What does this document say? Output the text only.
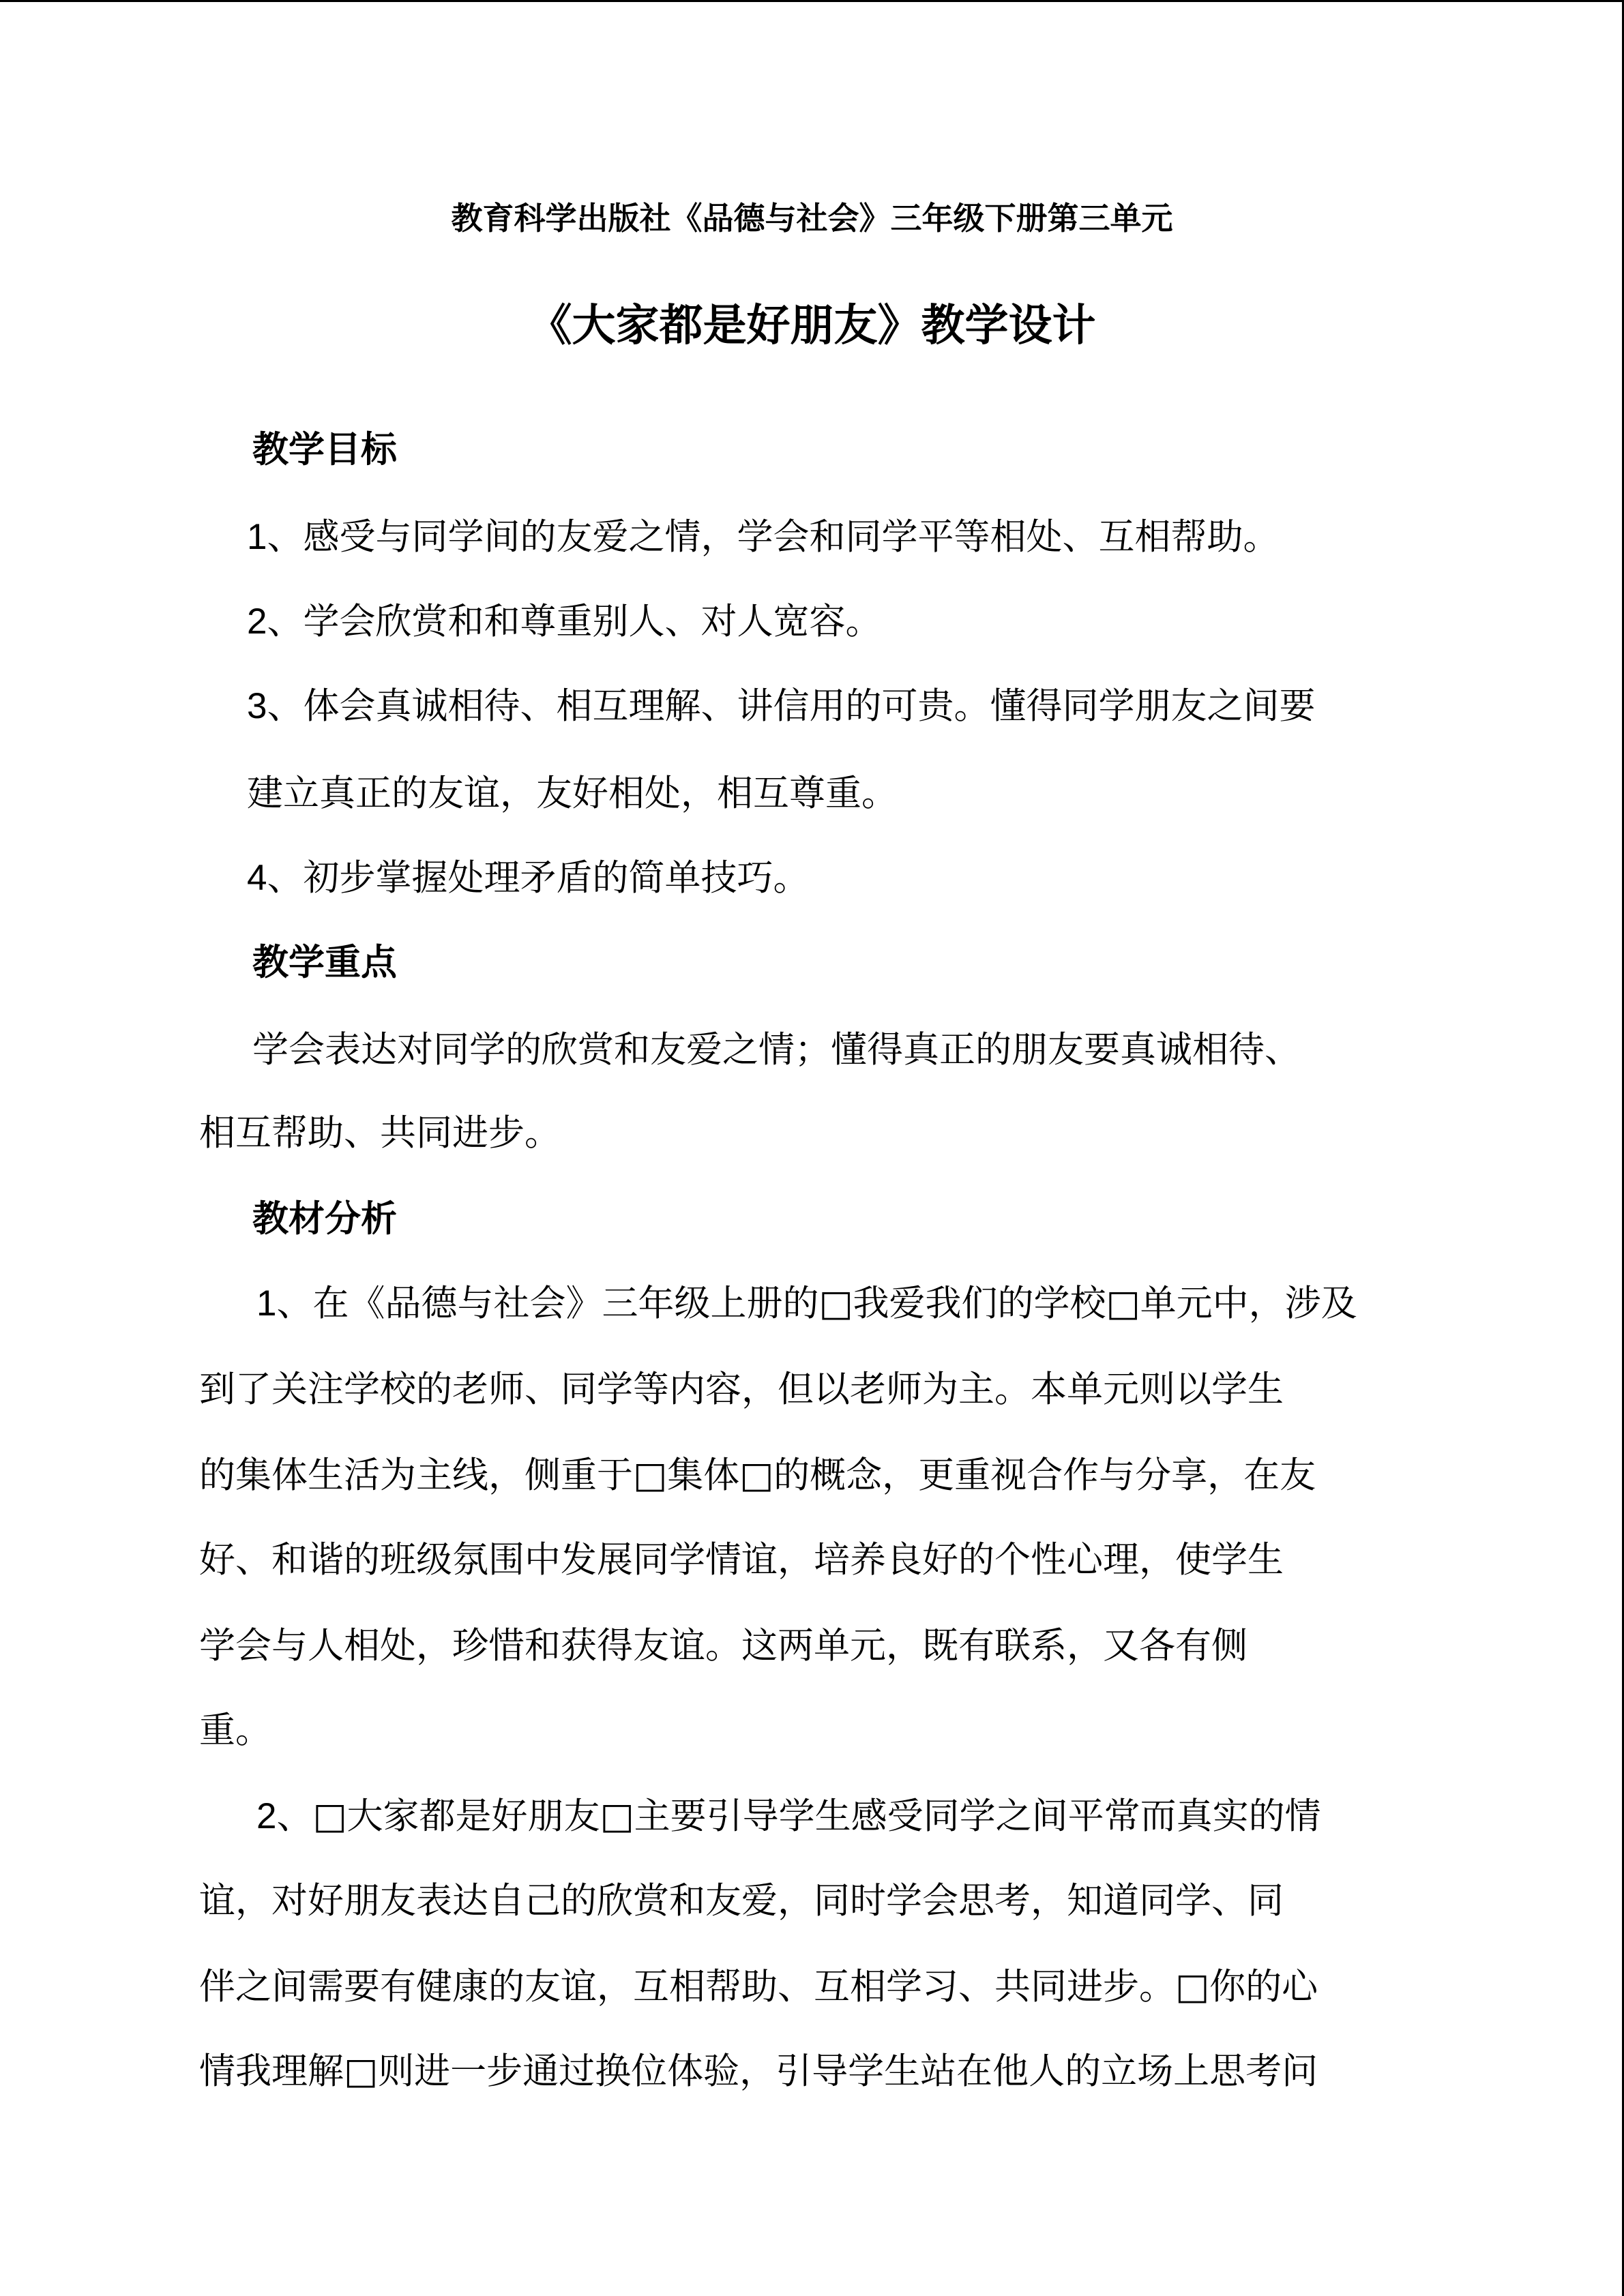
教育科学出版社《品德与社会》三年级下册第三单元
《大家都是好朋友》教学设计
教学目标
1、感受与同学间的友爱之情，学会和同学平等相处、互相帮助。
2、学会欣赏和和尊重别人、对人宽容。
3、体会真诚相待、相互理解、讲信用的可贵。懂得同学朋友之间要
建立真正的友谊，友好相处，相互尊重。
4、初步掌握处理矛盾的简单技巧。
教学重点
学会表达对同学的欣赏和友爱之情；懂得真正的朋友要真诚相待、
相互帮助、共同进步。
教材分析
1、在《品德与社会》三年级上册的□我爱我们的学校□单元中，涉及
到了关注学校的老师、同学等内容，但以老师为主。本单元则以学生
的集体生活为主线，侧重于□集体□的概念，更重视合作与分享，在友
好、和谐的班级氛围中发展同学情谊，培养良好的个性心理，使学生
学会与人相处，珍惜和获得友谊。这两单元，既有联系，又各有侧
重。
2、□大家都是好朋友□主要引导学生感受同学之间平常而真实的情
谊，对好朋友表达自己的欣赏和友爱，同时学会思考，知道同学、同
伴之间需要有健康的友谊，互相帮助、互相学习、共同进步。□你的心
情我理解□则进一步通过换位体验，引导学生站在他人的立场上思考问
